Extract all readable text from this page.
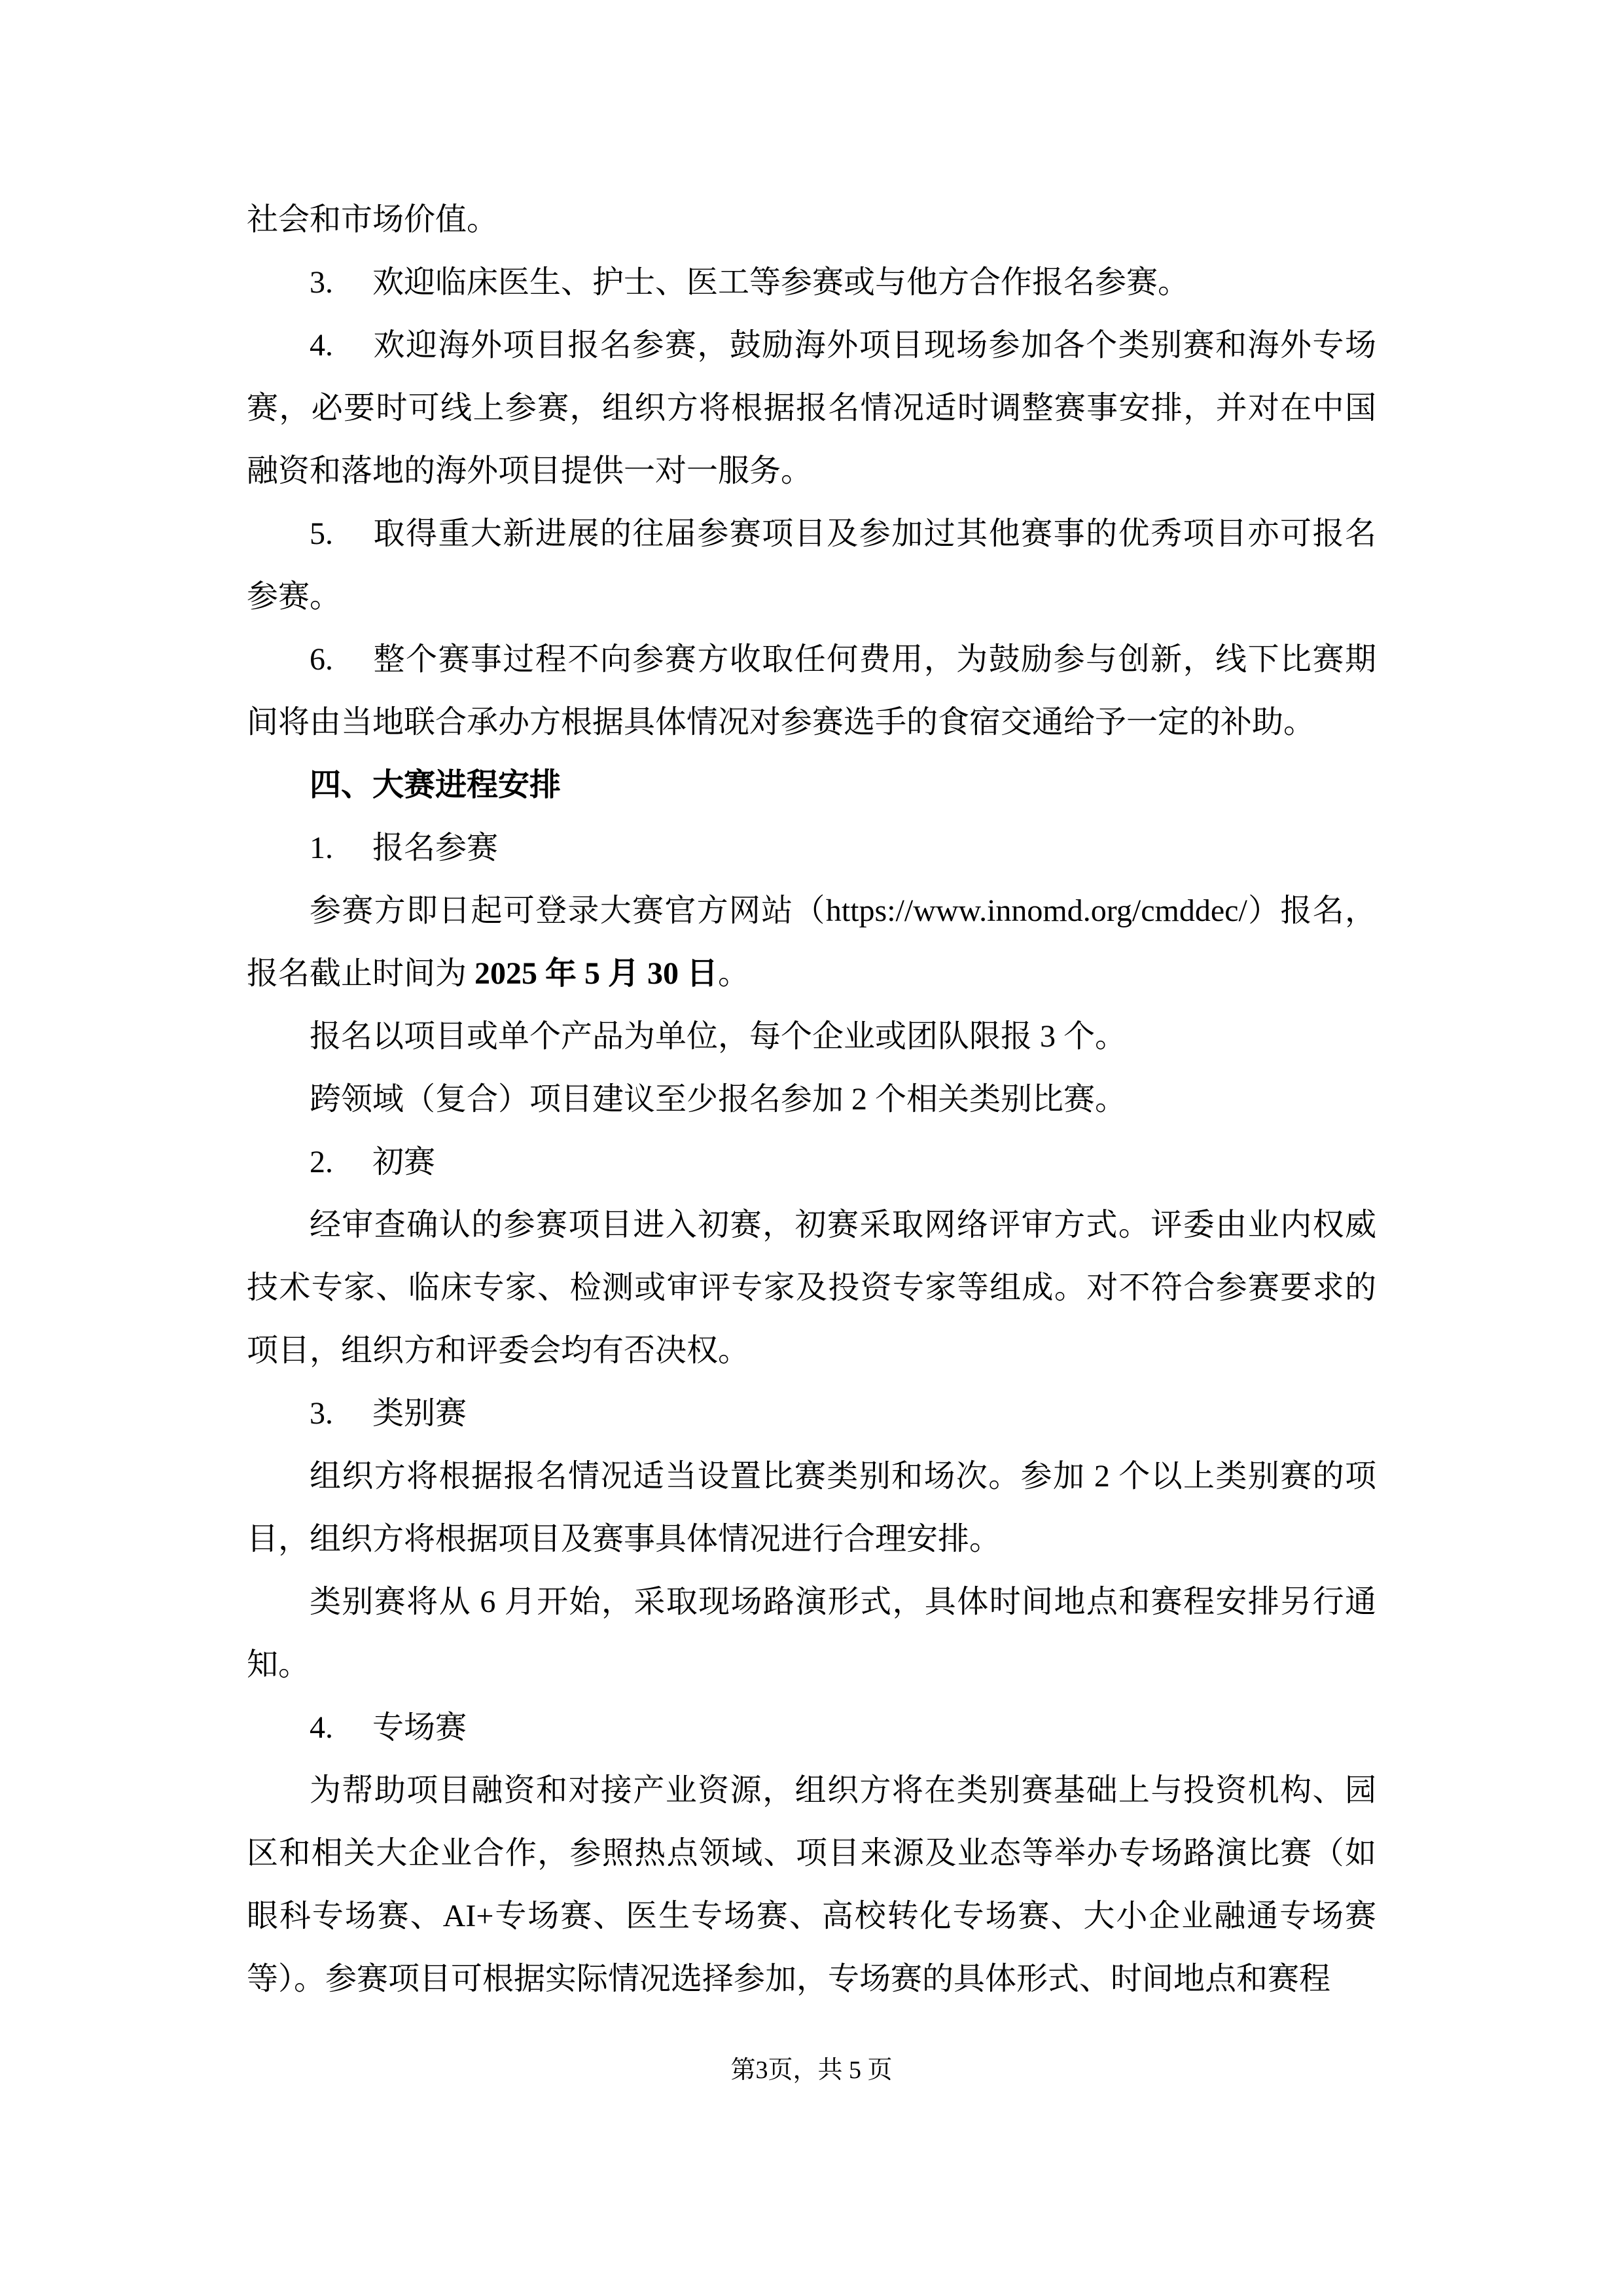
社会和市场价值。
3. 欢迎临床医生、护士、医工等参赛或与他方合作报名参赛。
4. 欢迎海外项目报名参赛，鼓励海外项目现场参加各个类别赛和海外专场赛，必要时可线上参赛，组织方将根据报名情况适时调整赛事安排，并对在中国融资和落地的海外项目提供一对一服务。
5. 取得重大新进展的往届参赛项目及参加过其他赛事的优秀项目亦可报名参赛。
6. 整个赛事过程不向参赛方收取任何费用，为鼓励参与创新，线下比赛期间将由当地联合承办方根据具体情况对参赛选手的食宿交通给予一定的补助。
四、大赛进程安排
1. 报名参赛
参赛方即日起可登录大赛官方网站（https://www.innomd.org/cmddec/）报名，报名截止时间为 2025 年 5 月 30 日。
报名以项目或单个产品为单位，每个企业或团队限报 3 个。
跨领域（复合）项目建议至少报名参加 2 个相关类别比赛。
2. 初赛
经审查确认的参赛项目进入初赛，初赛采取网络评审方式。评委由业内权威技术专家、临床专家、检测或审评专家及投资专家等组成。对不符合参赛要求的项目，组织方和评委会均有否决权。
3. 类别赛
组织方将根据报名情况适当设置比赛类别和场次。参加 2 个以上类别赛的项目，组织方将根据项目及赛事具体情况进行合理安排。
类别赛将从 6 月开始，采取现场路演形式，具体时间地点和赛程安排另行通知。
4. 专场赛
为帮助项目融资和对接产业资源，组织方将在类别赛基础上与投资机构、园区和相关大企业合作，参照热点领域、项目来源及业态等举办专场路演比赛（如眼科专场赛、AI+专场赛、医生专场赛、高校转化专场赛、大小企业融通专场赛等）。参赛项目可根据实际情况选择参加，专场赛的具体形式、时间地点和赛程
第3页，共 5 页
